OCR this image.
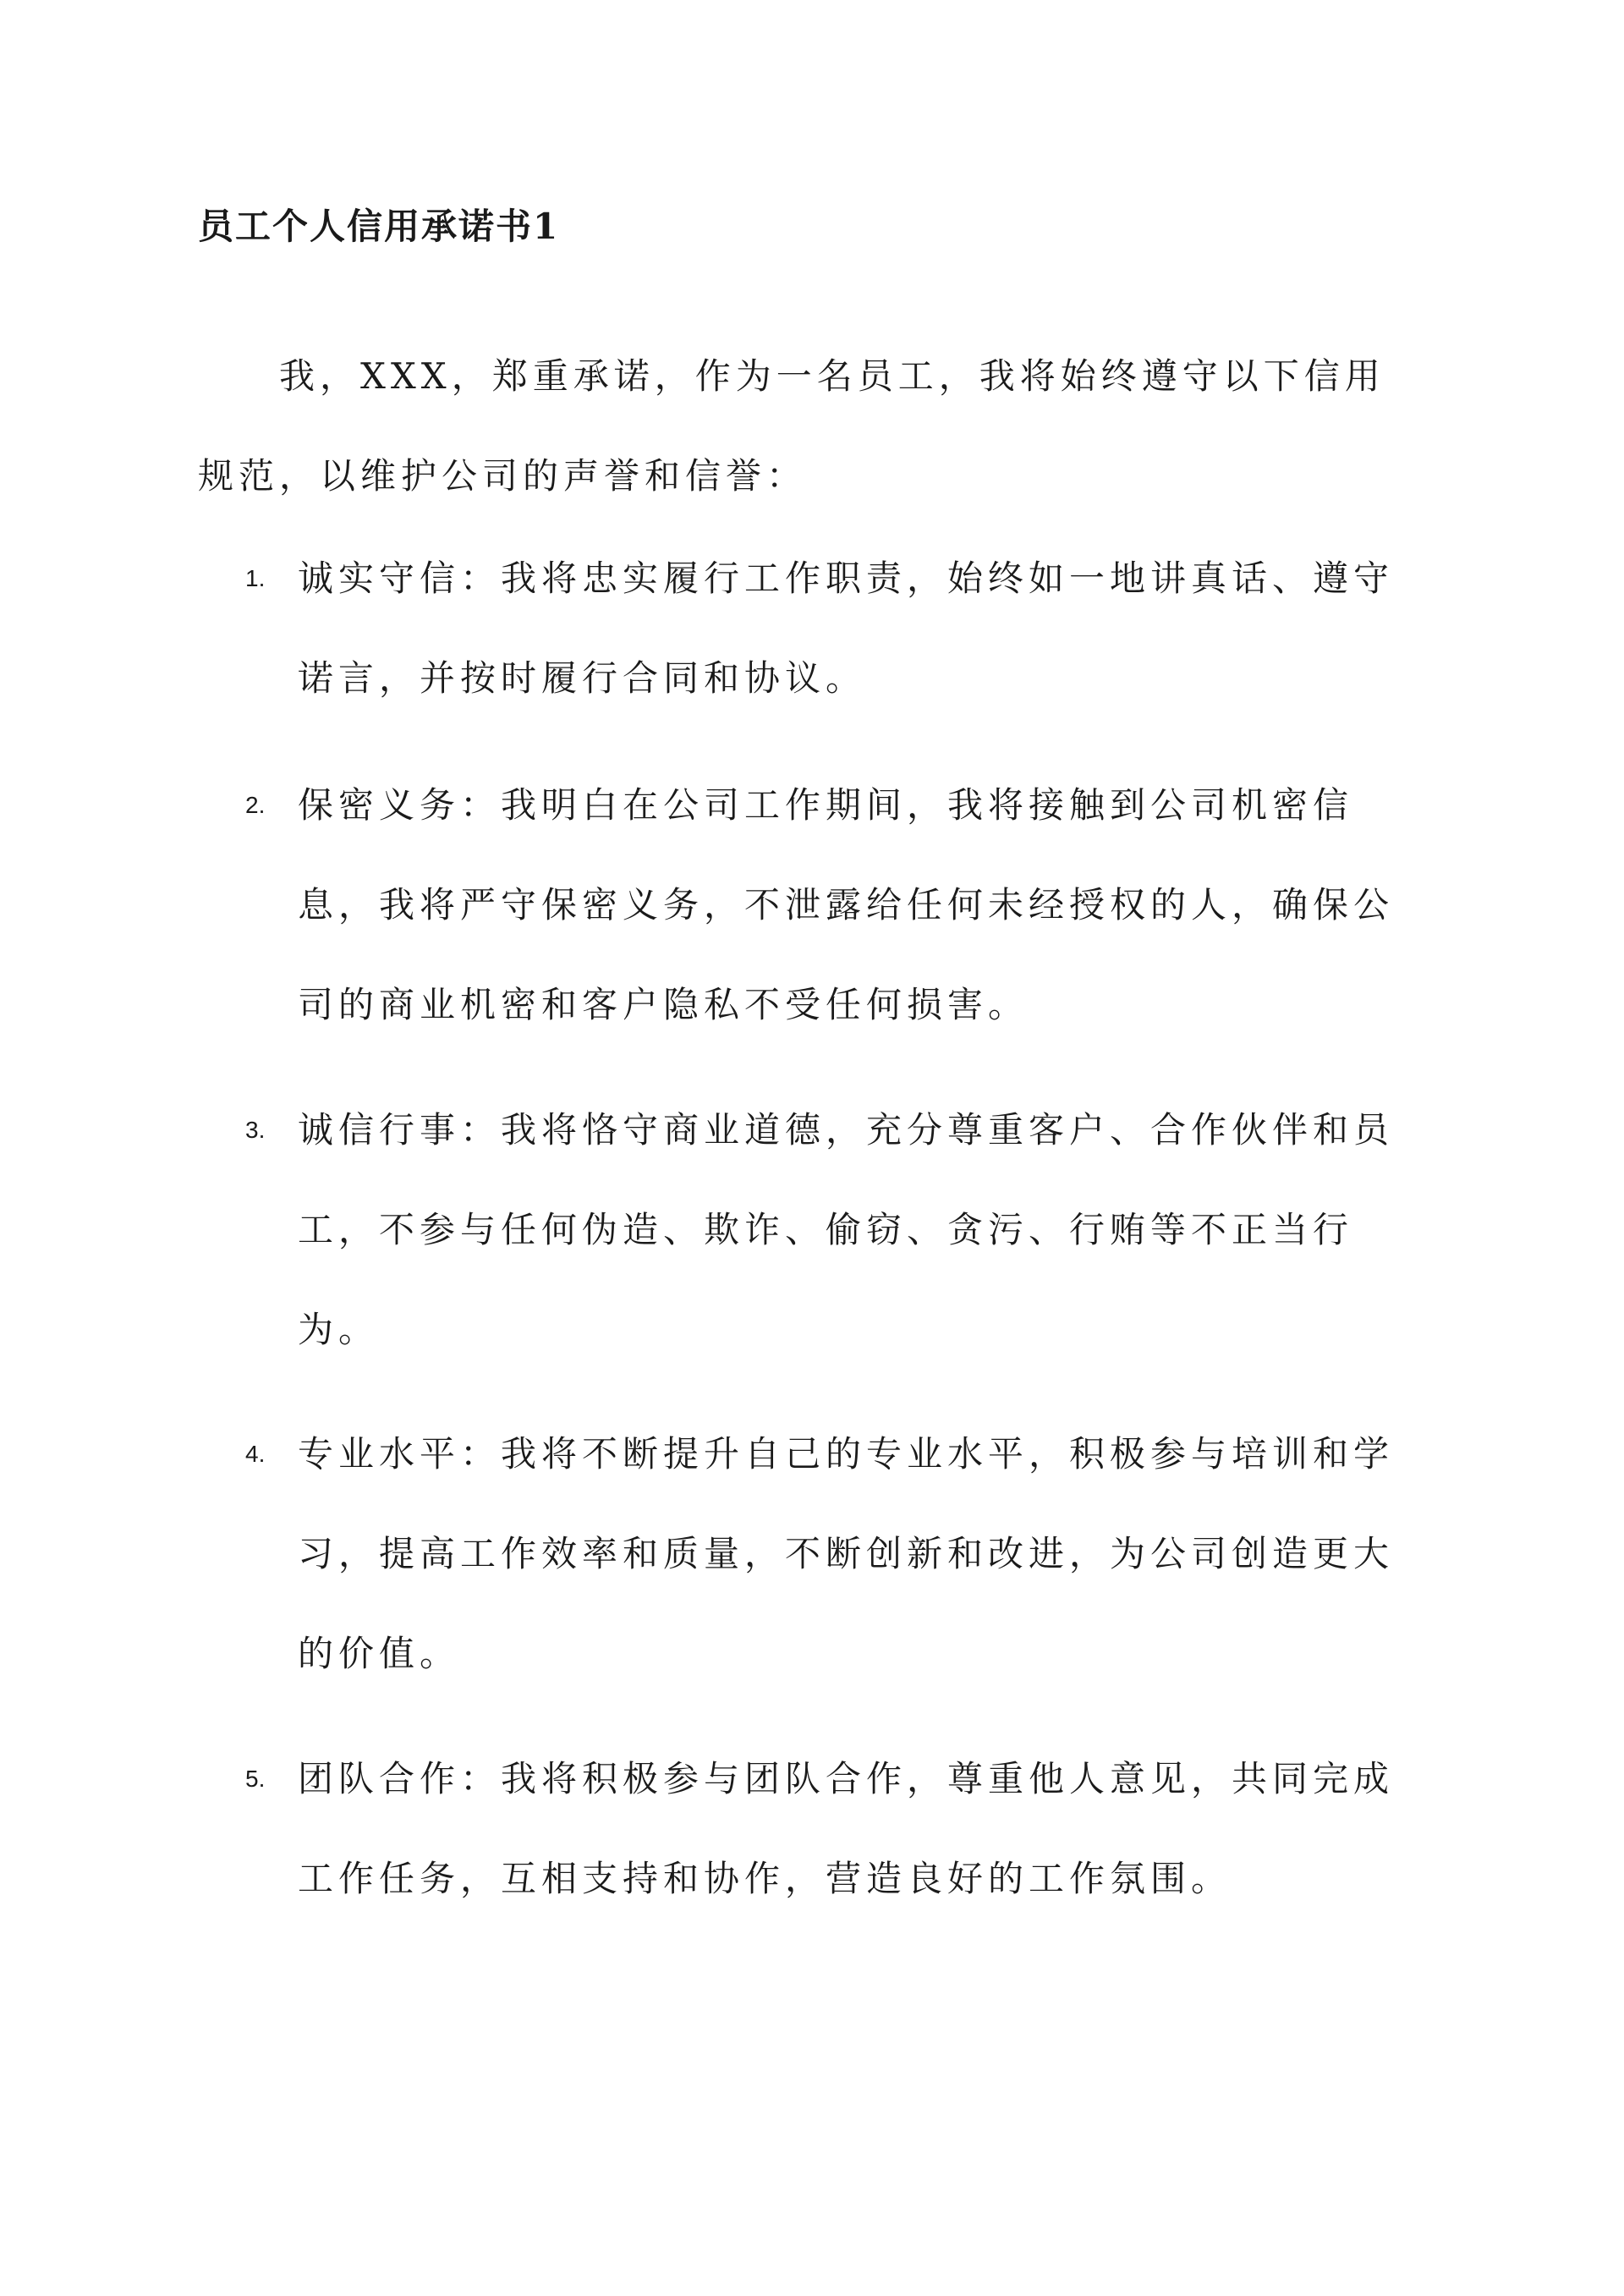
员工个人信用承诺书1

我，XXX，郑重承诺，作为一名员工，我将始终遵守以下信用规范，以维护公司的声誉和信誉：

1. 诚实守信：我将忠实履行工作职责，始终如一地讲真话、遵守诺言，并按时履行合同和协议。

2. 保密义务：我明白在公司工作期间，我将接触到公司机密信息，我将严守保密义务，不泄露给任何未经授权的人，确保公司的商业机密和客户隐私不受任何损害。

3. 诚信行事：我将恪守商业道德，充分尊重客户、合作伙伴和员工，不参与任何伪造、欺诈、偷窃、贪污、行贿等不正当行为。

4. 专业水平：我将不断提升自己的专业水平，积极参与培训和学习，提高工作效率和质量，不断创新和改进，为公司创造更大的价值。

5. 团队合作：我将积极参与团队合作，尊重他人意见，共同完成工作任务，互相支持和协作，营造良好的工作氛围。
